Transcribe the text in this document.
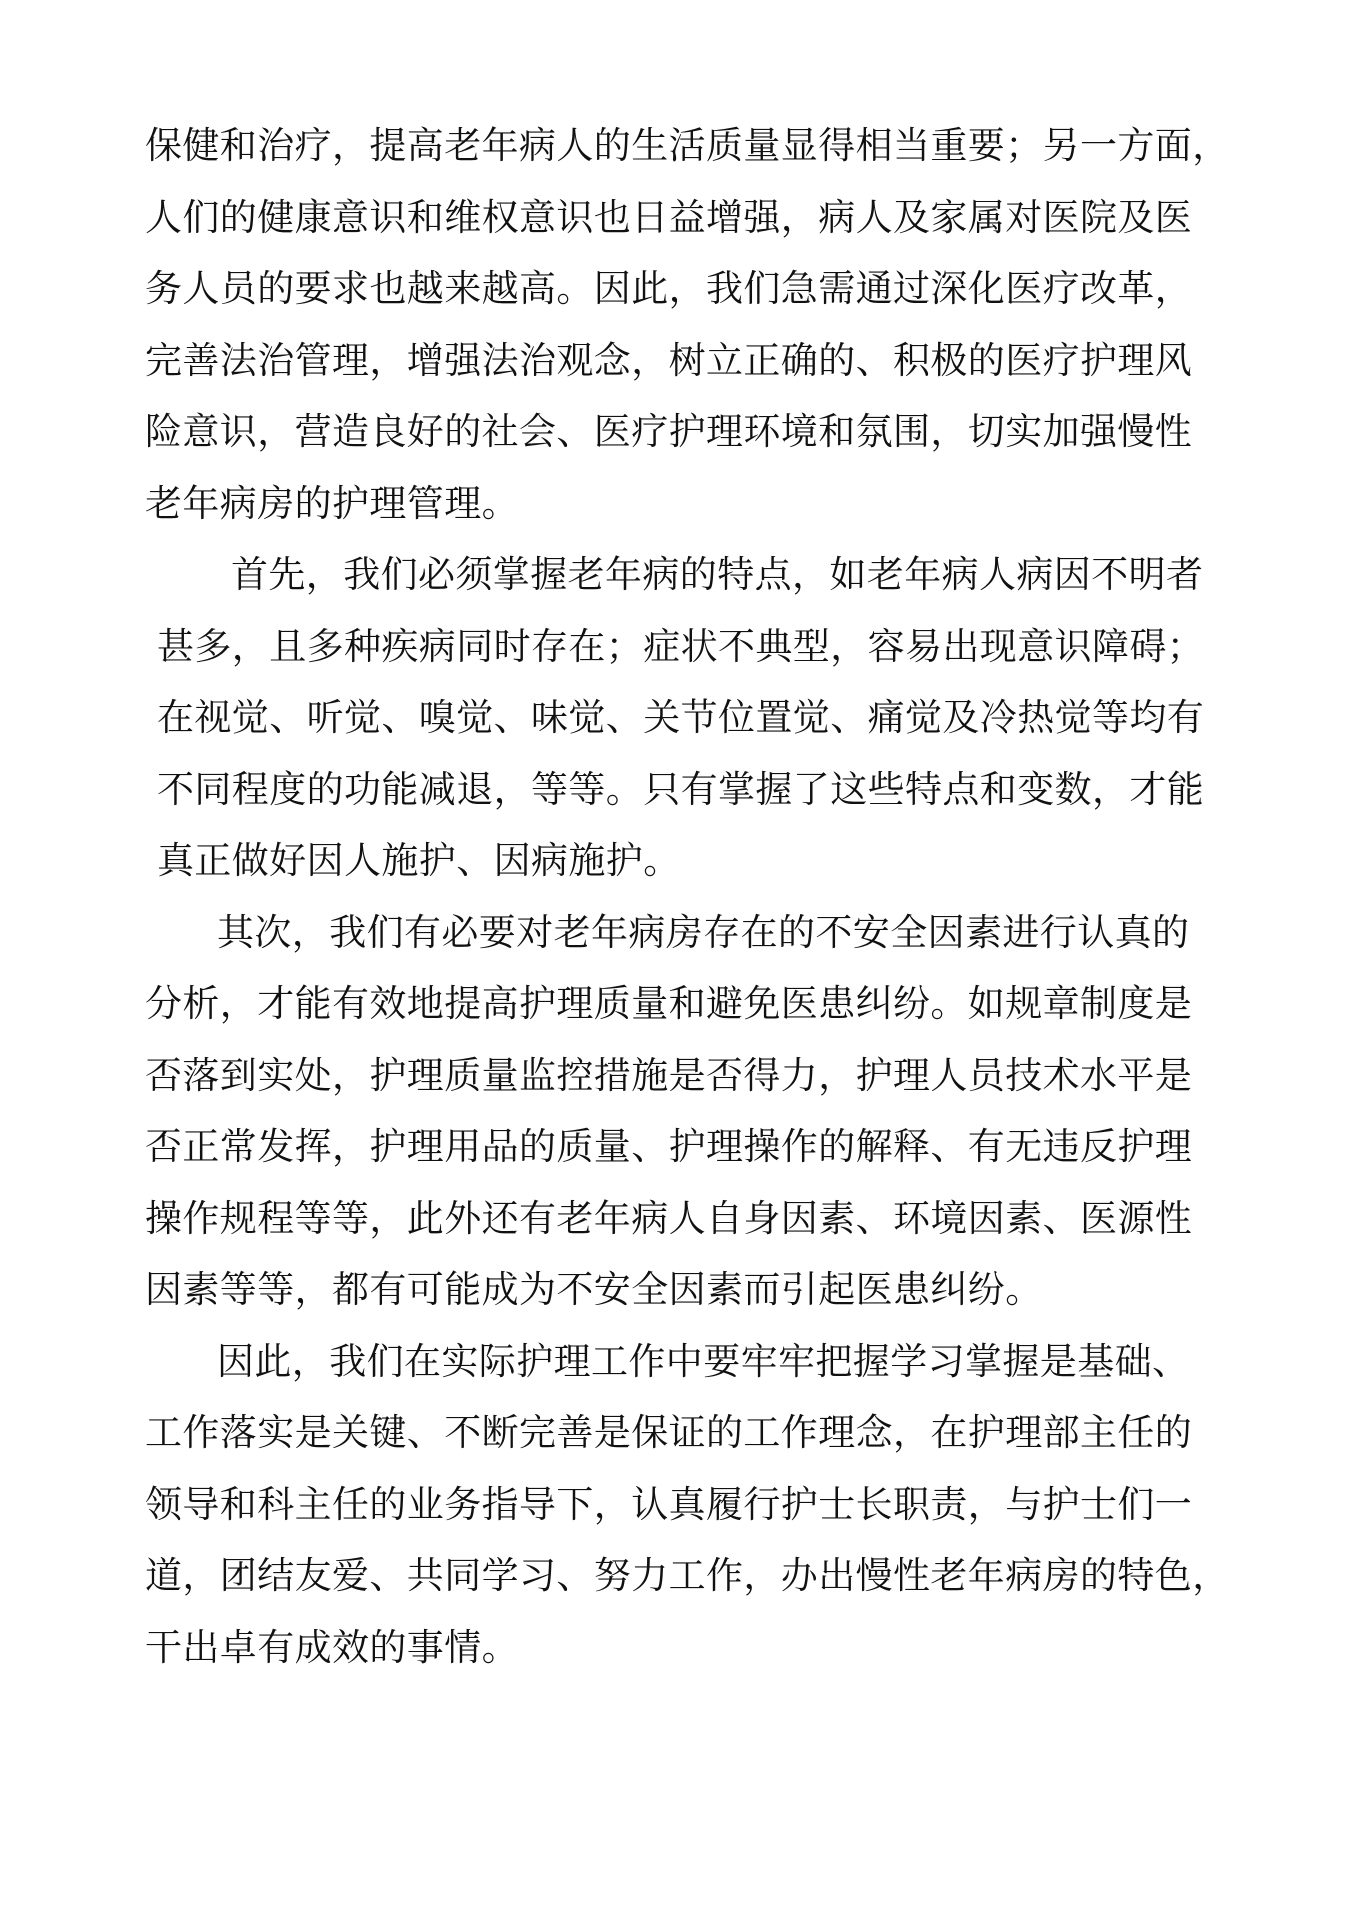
保健和治疗，提高老年病人的生活质量显得相当重要；另一方面，
人们的健康意识和维权意识也日益增强，病人及家属对医院及医
务人员的要求也越来越高。因此，我们急需通过深化医疗改革，
完善法治管理，增强法治观念，树立正确的、积极的医疗护理风
险意识，营造良好的社会、医疗护理环境和氛围，切实加强慢性
老年病房的护理管理。
首先，我们必须掌握老年病的特点，如老年病人病因不明者
甚多，且多种疾病同时存在；症状不典型，容易出现意识障碍；
在视觉、听觉、嗅觉、味觉、关节位置觉、痛觉及冷热觉等均有
不同程度的功能减退，等等。只有掌握了这些特点和变数，才能
真正做好因人施护、因病施护。
其次，我们有必要对老年病房存在的不安全因素进行认真的
分析，才能有效地提高护理质量和避免医患纠纷。如规章制度是
否落到实处，护理质量监控措施是否得力，护理人员技术水平是
否正常发挥，护理用品的质量、护理操作的解释、有无违反护理
操作规程等等，此外还有老年病人自身因素、环境因素、医源性
因素等等，都有可能成为不安全因素而引起医患纠纷。
因此，我们在实际护理工作中要牢牢把握学习掌握是基础、
工作落实是关键、不断完善是保证的工作理念，在护理部主任的
领导和科主任的业务指导下，认真履行护士长职责，与护士们一
道，团结友爱、共同学习、努力工作，办出慢性老年病房的特色，
干出卓有成效的事情。
